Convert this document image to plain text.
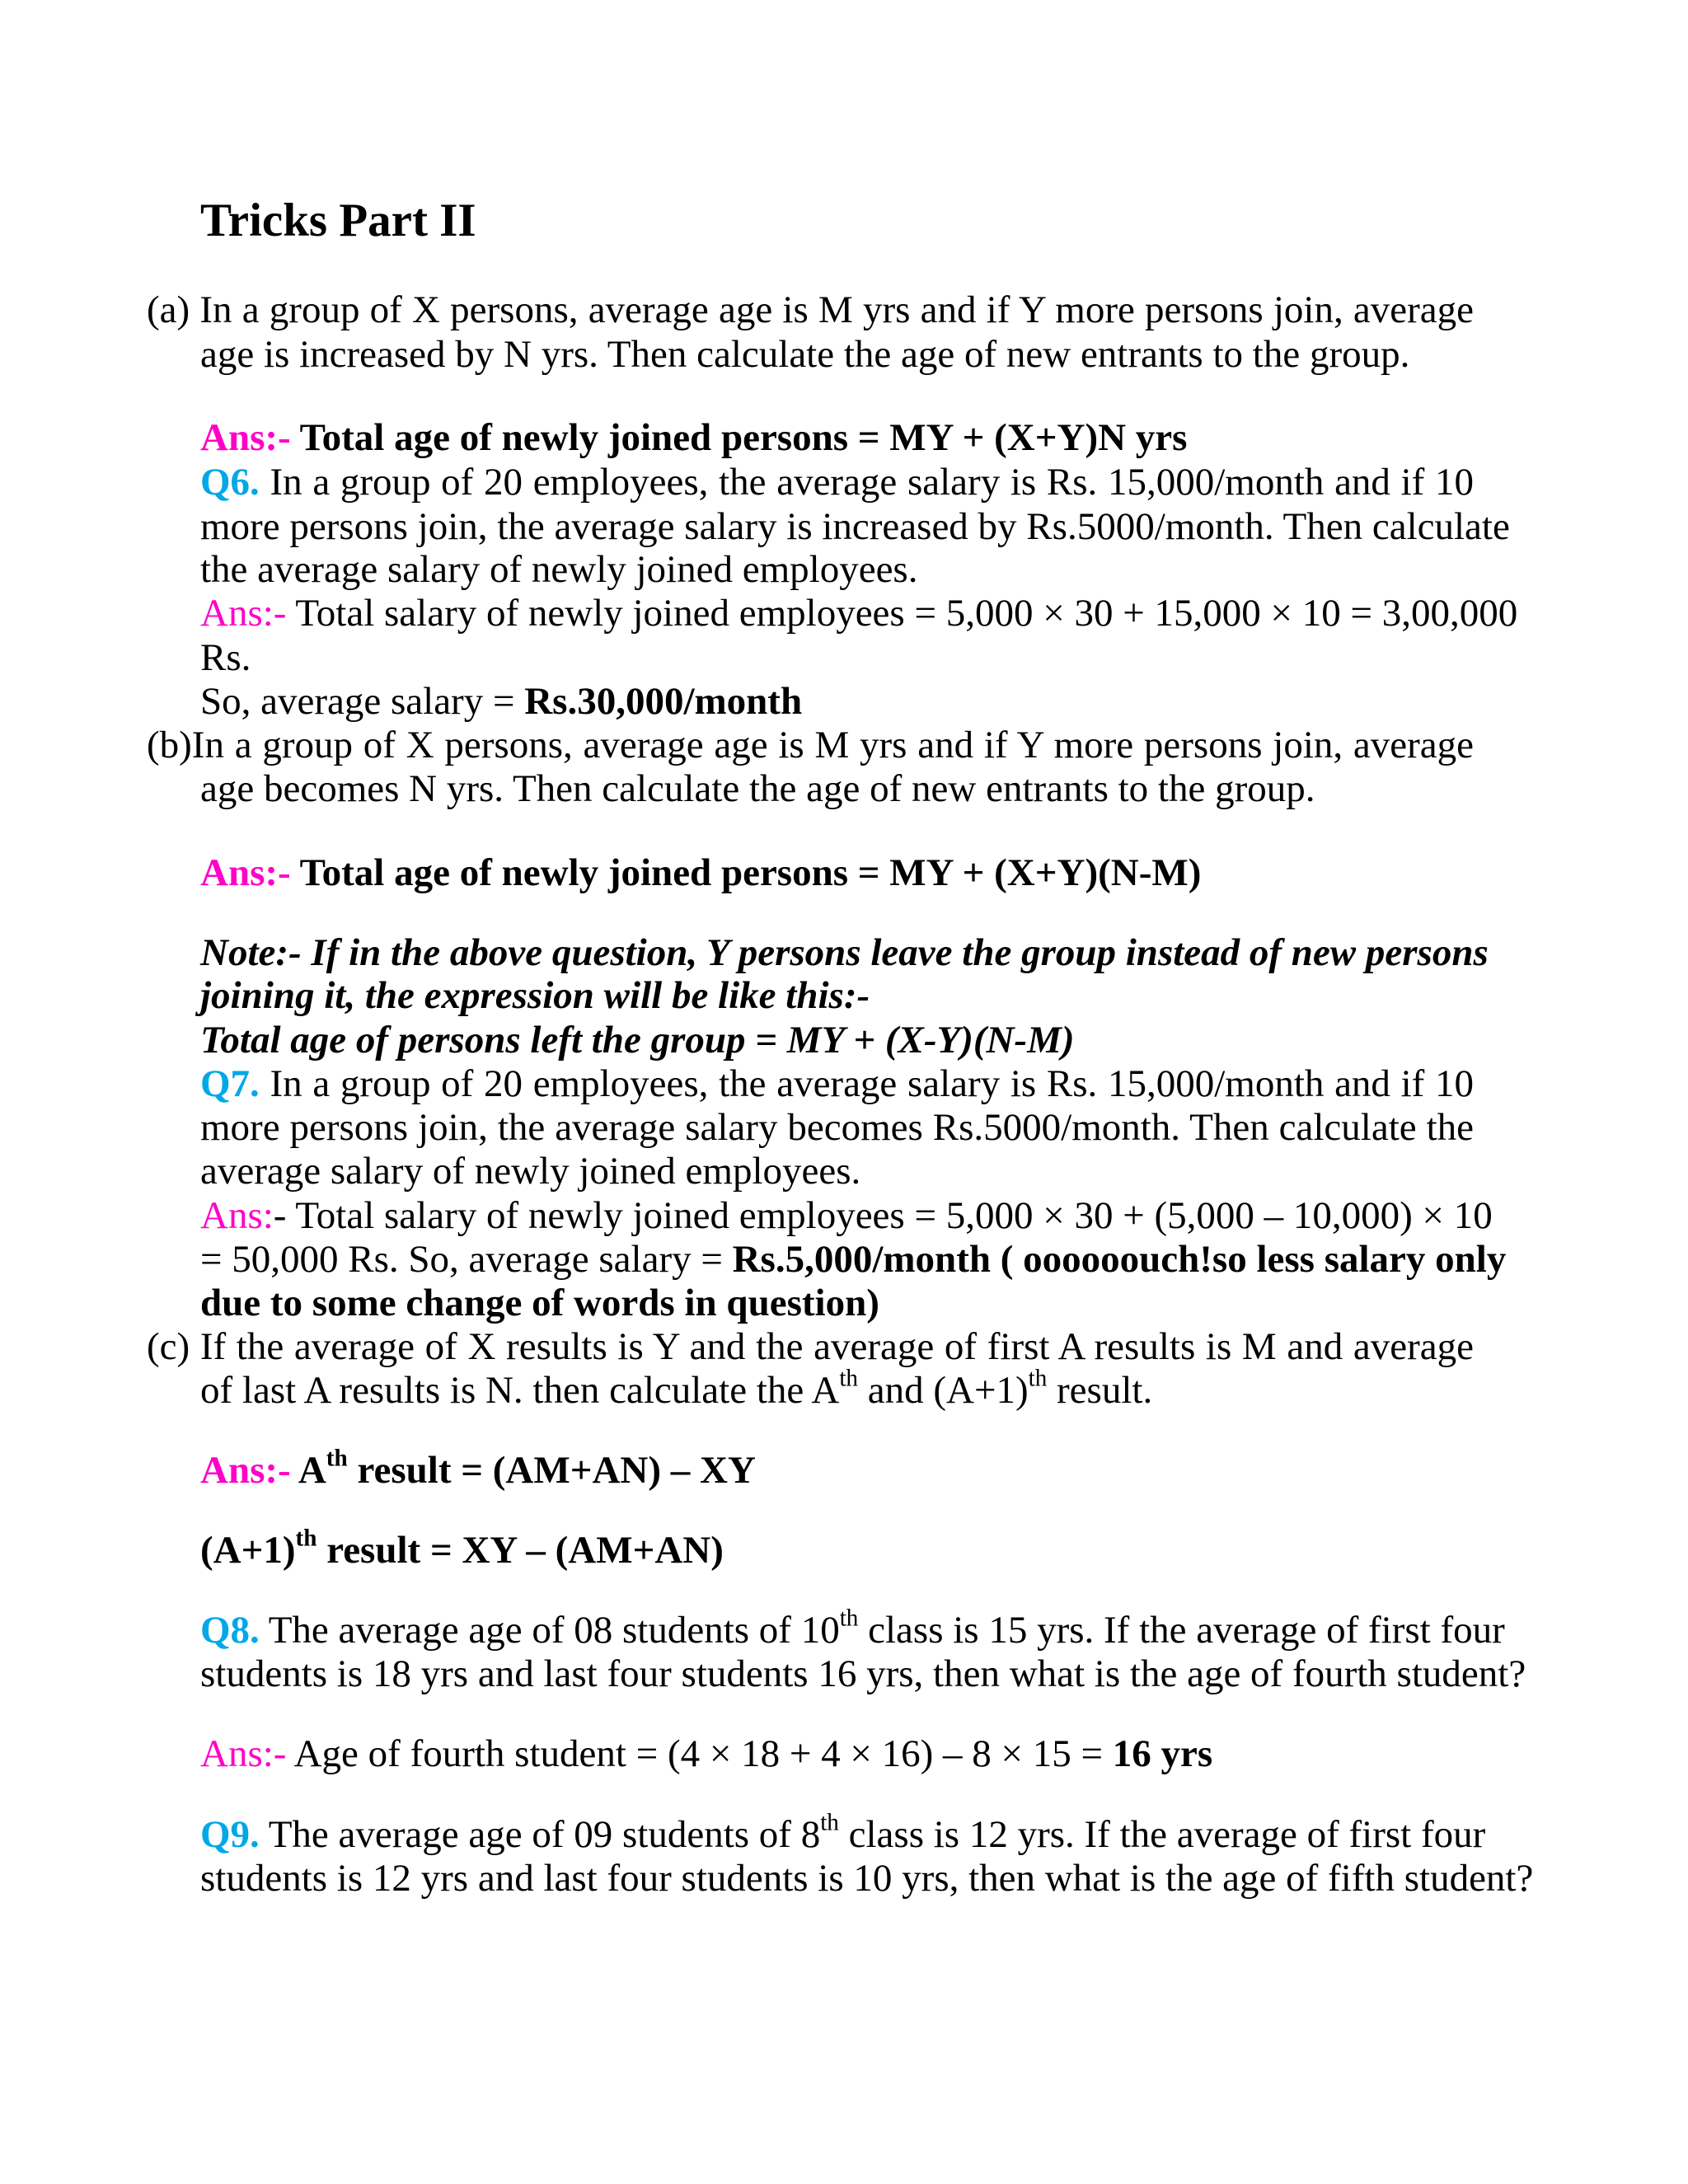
Tricks Part II
(a) In a group of X persons, average age is M yrs and if Y more persons join, average
age is increased by N yrs. Then calculate the age of new entrants to the group.
Ans:- Total age of newly joined persons = MY + (X+Y)N yrs
Q6. In a group of 20 employees, the average salary is Rs. 15,000/month and if 10
more persons join, the average salary is increased by Rs.5000/month. Then calculate
the average salary of newly joined employees.
Ans:- Total salary of newly joined employees = 5,000 × 30 + 15,000 × 10 = 3,00,000
Rs.
So, average salary = Rs.30,000/month
(b)In a group of X persons, average age is M yrs and if Y more persons join, average
age becomes N yrs. Then calculate the age of new entrants to the group.
Ans:- Total age of newly joined persons = MY + (X+Y)(N-M)
Note:- If in the above question, Y persons leave the group instead of new persons
joining it, the expression will be like this:-
Total age of persons left the group = MY + (X-Y)(N-M)
Q7. In a group of 20 employees, the average salary is Rs. 15,000/month and if 10
more persons join, the average salary becomes Rs.5000/month. Then calculate the
average salary of newly joined employees.
Ans:- Total salary of newly joined employees = 5,000 × 30 + (5,000 – 10,000) × 10
= 50,000 Rs. So, average salary = Rs.5,000/month ( oooooouch!so less salary only
due to some change of words in question)
(c) If the average of X results is Y and the average of first A results is M and average
of last A results is N. then calculate the $A^{th}$ and $(A+1)^{th}$ result.
Ans:- $A^{th}$ result = (AM+AN) – XY
$(A+1)^{th}$ result = XY – (AM+AN)
Q8. The average age of 08 students of 10th class is 15 yrs. If the average of first four
students is 18 yrs and last four students 16 yrs, then what is the age of fourth student?
Ans:- Age of fourth student = (4 × 18 + 4 × 16) – 8 × 15 = 16 yrs
Q9. The average age of 09 students of 8th class is 12 yrs. If the average of first four
students is 12 yrs and last four students is 10 yrs, then what is the age of fifth student?
